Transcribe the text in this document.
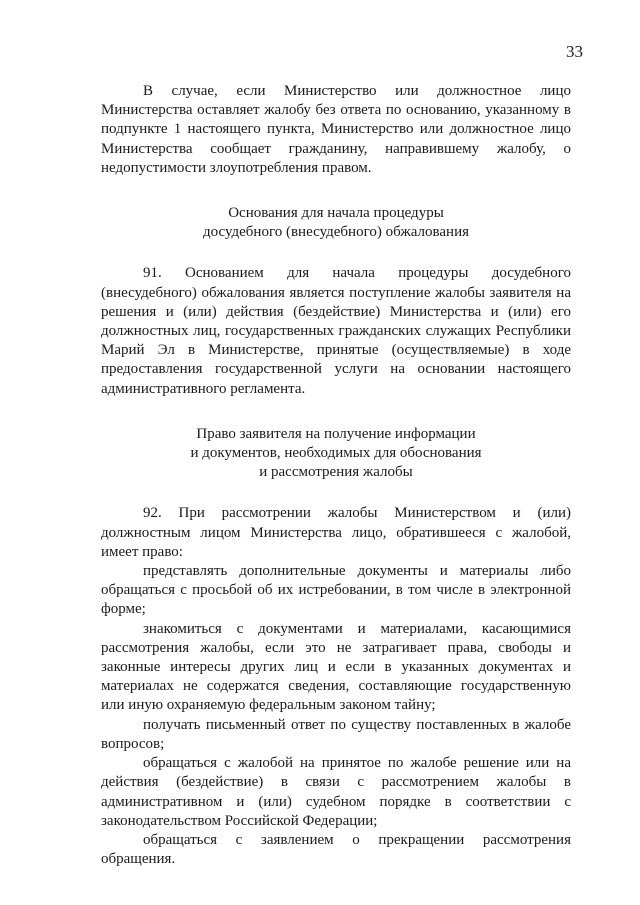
33

В случае, если Министерство или должностное лицо Министерства оставляет жалобу без ответа по основанию, указанному в подпункте 1 настоящего пункта, Министерство или должностное лицо Министерства сообщает гражданину, направившему жалобу, о недопустимости злоупотребления правом.

Основания для начала процедуры
досудебного (внесудебного) обжалования

91. Основанием для начала процедуры досудебного (внесудебного) обжалования является поступление жалобы заявителя на решения и (или) действия (бездействие) Министерства и (или) его должностных лиц, государственных гражданских служащих Республики Марий Эл в Министерстве, принятые (осуществляемые) в ходе предоставления государственной услуги на основании настоящего административного регламента.

Право заявителя на получение информации
и документов, необходимых для обоснования
и рассмотрения жалобы

92. При рассмотрении жалобы Министерством и (или) должностным лицом Министерства лицо, обратившееся с жалобой, имеет право:

представлять дополнительные документы и материалы либо обращаться с просьбой об их истребовании, в том числе в электронной форме;

знакомиться с документами и материалами, касающимися рассмотрения жалобы, если это не затрагивает права, свободы и законные интересы других лиц и если в указанных документах и материалах не содержатся сведения, составляющие государственную или иную охраняемую федеральным законом тайну;

получать письменный ответ по существу поставленных в жалобе вопросов;

обращаться с жалобой на принятое по жалобе решение или на действия (бездействие) в связи с рассмотрением жалобы в административном и (или) судебном порядке в соответствии с законодательством Российской Федерации;

обращаться с заявлением о прекращении рассмотрения обращения.
